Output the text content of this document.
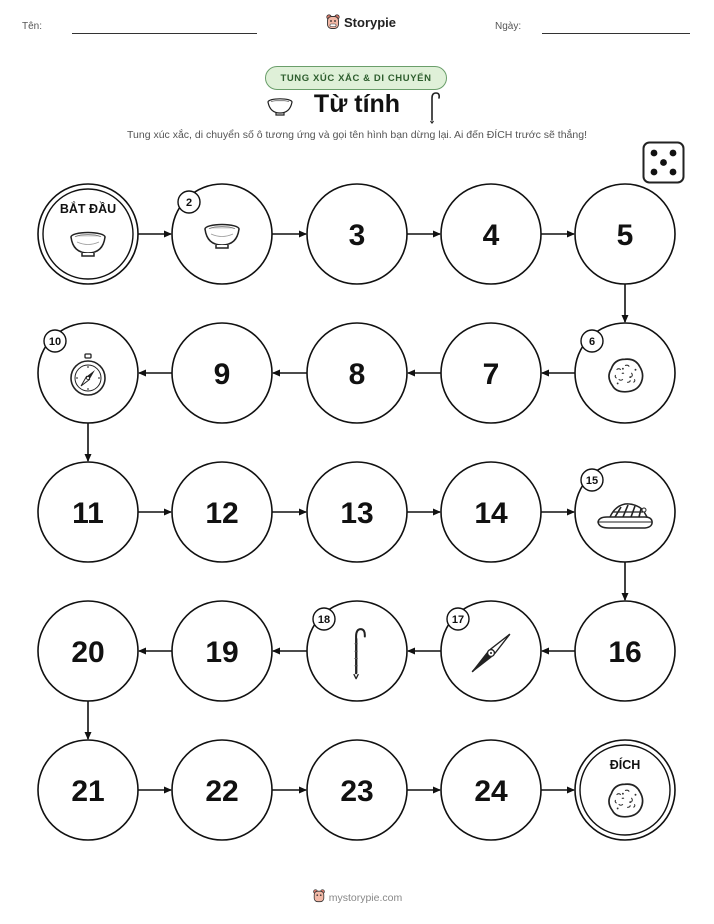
Tên:	Storypie	Ngày:
TUNG XÚC XẮC & DI CHUYỂN
Từ tính
Tung xúc xắc, di chuyển số ô tương ứng và gọi tên hình bạn dừng lại. Ai đến ĐÍCH trước sẽ thắng!
BẮT ĐẦU	2
3	4	5
6
7
8
9
10
11	12	13	14
15
16
17
18
19
20
21	22	23	24
ĐÍCH
mystorypie.com
